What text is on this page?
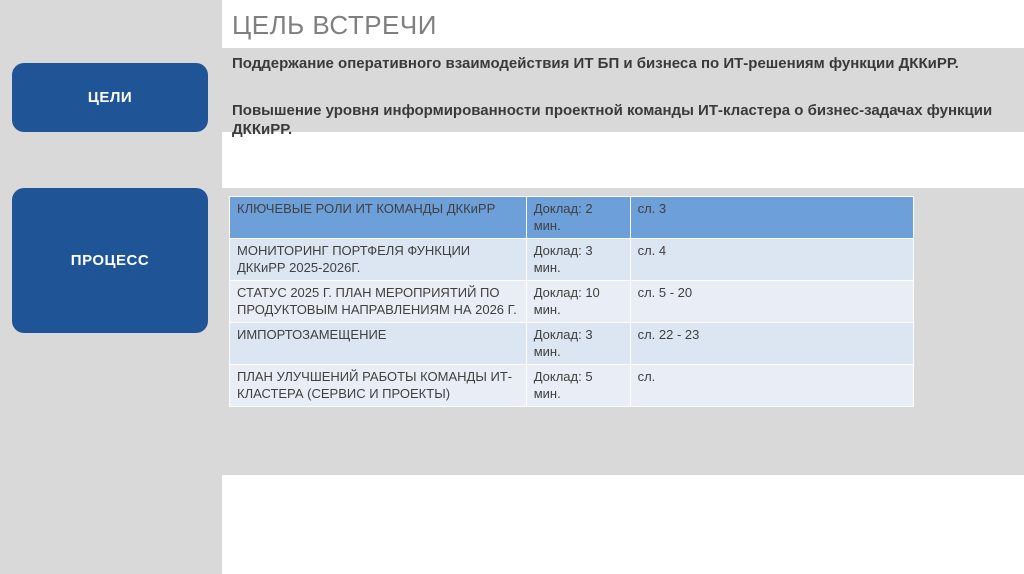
ЦЕЛИ
ПРОЦЕСС
ЦЕЛЬ ВСТРЕЧИ
Поддержание оперативного взаимодействия ИТ БП и бизнеса по ИТ-решениям функции ДККиРР.
Повышение уровня информированности проектной команды ИТ-кластера о бизнес-задачах функции ДККиРР.
КЛЮЧЕВЫЕ РОЛИ ИТ КОМАНДЫ ДККиРР	Доклад: 2 мин.	сл. 3
МОНИТОРИНГ ПОРТФЕЛЯ ФУНКЦИИ ДККиРР 2025-2026Г.	Доклад: 3 мин.	сл. 4
СТАТУС 2025 Г. ПЛАН МЕРОПРИЯТИЙ ПО ПРОДУКТОВЫМ НАПРАВЛЕНИЯМ НА 2026 Г.	Доклад: 10 мин.	сл. 5 - 20
ИМПОРТОЗАМЕЩЕНИЕ	Доклад: 3 мин.	сл. 22 - 23
ПЛАН УЛУЧШЕНИЙ РАБОТЫ КОМАНДЫ ИТ-КЛАСТЕРА (СЕРВИС И ПРОЕКТЫ)	Доклад: 5 мин.	сл.
